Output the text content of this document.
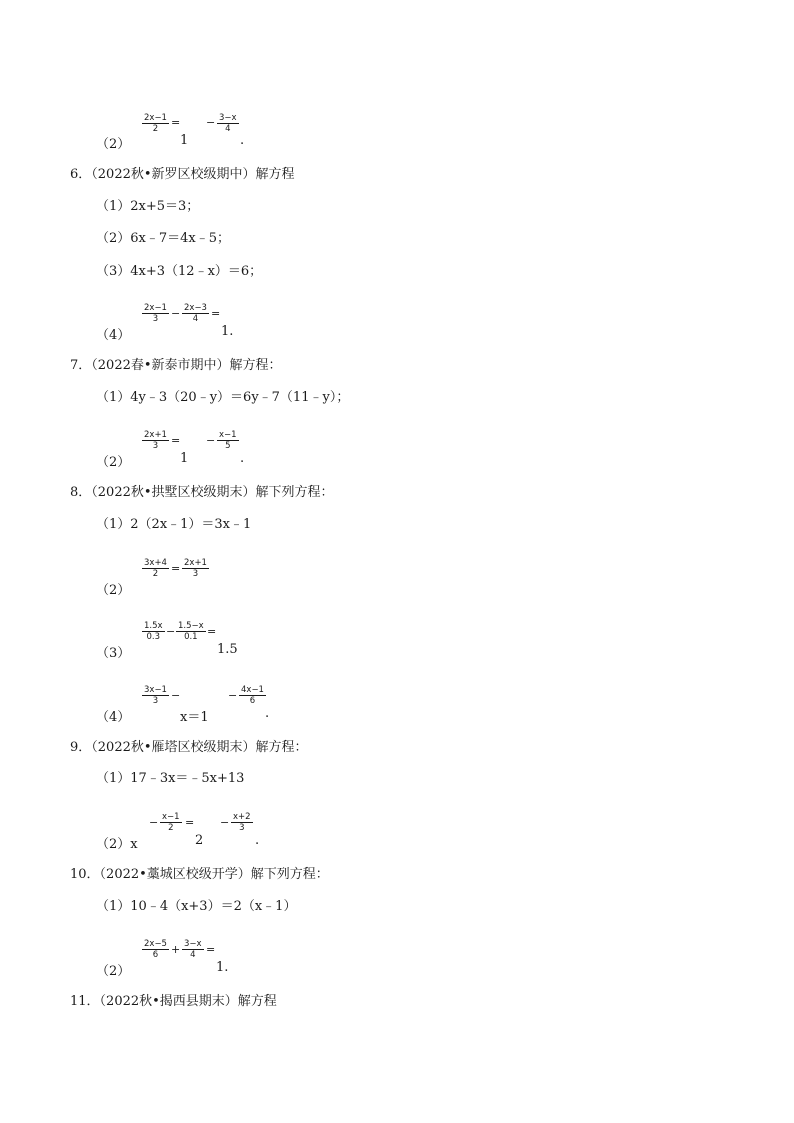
（2）
$\frac{2x-1}{2}$ =
1
− $\frac{3-x}{4}$
.
6．（2022秋•新罗区校级期中）解方程
（1）2x+5＝3；
（2）6x﹣7＝4x﹣5；
（3）4x+3（12﹣x）＝6；
（4）
$\frac{2x-1}{3} - \frac{2x-3}{4}$ =
1.
7．（2022春•新泰市期中）解方程：
（1）4y﹣3（20﹣y）＝6y﹣7（11﹣y）；
（2）
$\frac{2x+1}{3}$ =
1
− $\frac{x-1}{5}$
.
8．（2022秋•拱墅区校级期末）解下列方程：
（1）2（2x﹣1）＝3x﹣1
（2）
$\frac{3x+4}{2} = \frac{2x+1}{3}$
（3）
$\frac{1.5x}{0.3} - \frac{1.5-x}{0.1}$ =
1.5
（4）
$\frac{3x-1}{3}$ −
x＝1
− $\frac{4x-1}{6}$
.
9．（2022秋•雁塔区校级期末）解方程：
（1）17﹣3x＝﹣5x+13
（2）x
− $\frac{x-1}{2}$ =
2
− $\frac{x+2}{3}$
.
10．（2022•藁城区校级开学）解下列方程：
（1）10﹣4（x+3）＝2（x﹣1）
（2）
$\frac{2x-5}{6} + \frac{3-x}{4}$ =
1.
11．（2022秋•揭西县期末）解方程
